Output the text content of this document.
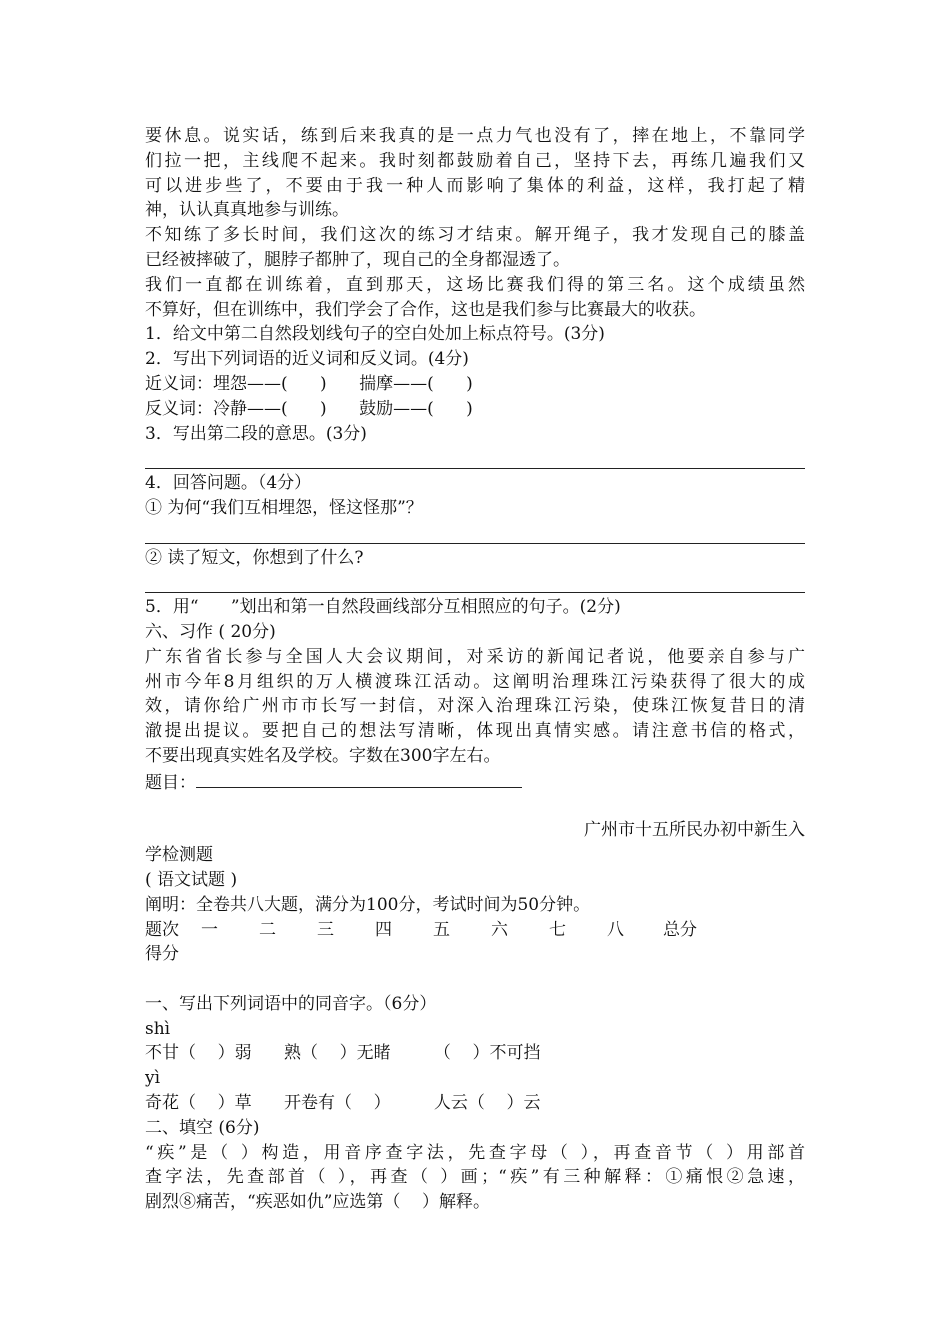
要休息。说实话，练到后来我真的是一点力气也没有了，摔在地上，不靠同学
们拉一把，主线爬不起来。我时刻都鼓励着自己，坚持下去，再练几遍我们又
可以进步些了，不要由于我一种人而影响了集体的利益，这样，我打起了精
神，认认真真地参与训练。
不知练了多长时间，我们这次的练习才结束。解开绳子，我才发现自己的膝盖
已经被摔破了，腿脖子都肿了，现自己的全身都湿透了。
我们一直都在训练着，直到那天，这场比赛我们得的第三名。这个成绩虽然
不算好，但在训练中，我们学会了合作，这也是我们参与比赛最大的收获。
1．给文中第二自然段划线句子的空白处加上标点符号。(3分)
2．写出下列词语的近义词和反义词。(4分)
近义词：埋怨——(      )      揣摩——(      )
反义词：冷静——(      )      鼓励——(      )
3．写出第二段的意思。(3分)
4．回答问题。（4分）
① 为何“我们互相埋怨，怪这怪那”？
② 读了短文，你想到了什么?
5．用“      ”划出和第一自然段画线部分互相照应的句子。(2分)
六、习作 ( 20分)
广东省省长参与全国人大会议期间，对采访的新闻记者说，他要亲自参与广
州市今年8月组织的万人横渡珠江活动。这阐明治理珠江污染获得了很大的成
效，请你给广州市市长写一封信，对深入治理珠江污染，使珠江恢复昔日的清
澈提出提议。要把自己的想法写清晰，体现出真情实感。请注意书信的格式，
不要出现真实姓名及学校。字数在300字左右。
题目：
广州市十五所民办初中新生入
学检测题
( 语文试题 )
阐明：全卷共八大题，满分为100分，考试时间为50分钟。
题次	一	二	三	四	五	六	七	八	总分
得分
一、写出下列词语中的同音字。（6分）
shì
不甘（    ）弱      熟（    ）无睹        （    ）不可挡
yì
奇花（    ）草      开卷有（    ）        人云（    ）云
二、填空 (6分)
“疾”是（ ）构造，用音序查字法，先查字母（ ），再查音节（ ）用部首
查字法，先查部首（ ），再查（ ）画；“疾”有三种解释：①痛恨②急速，
剧烈⑧痛苦，“疾恶如仇”应选第（    ）解释。
